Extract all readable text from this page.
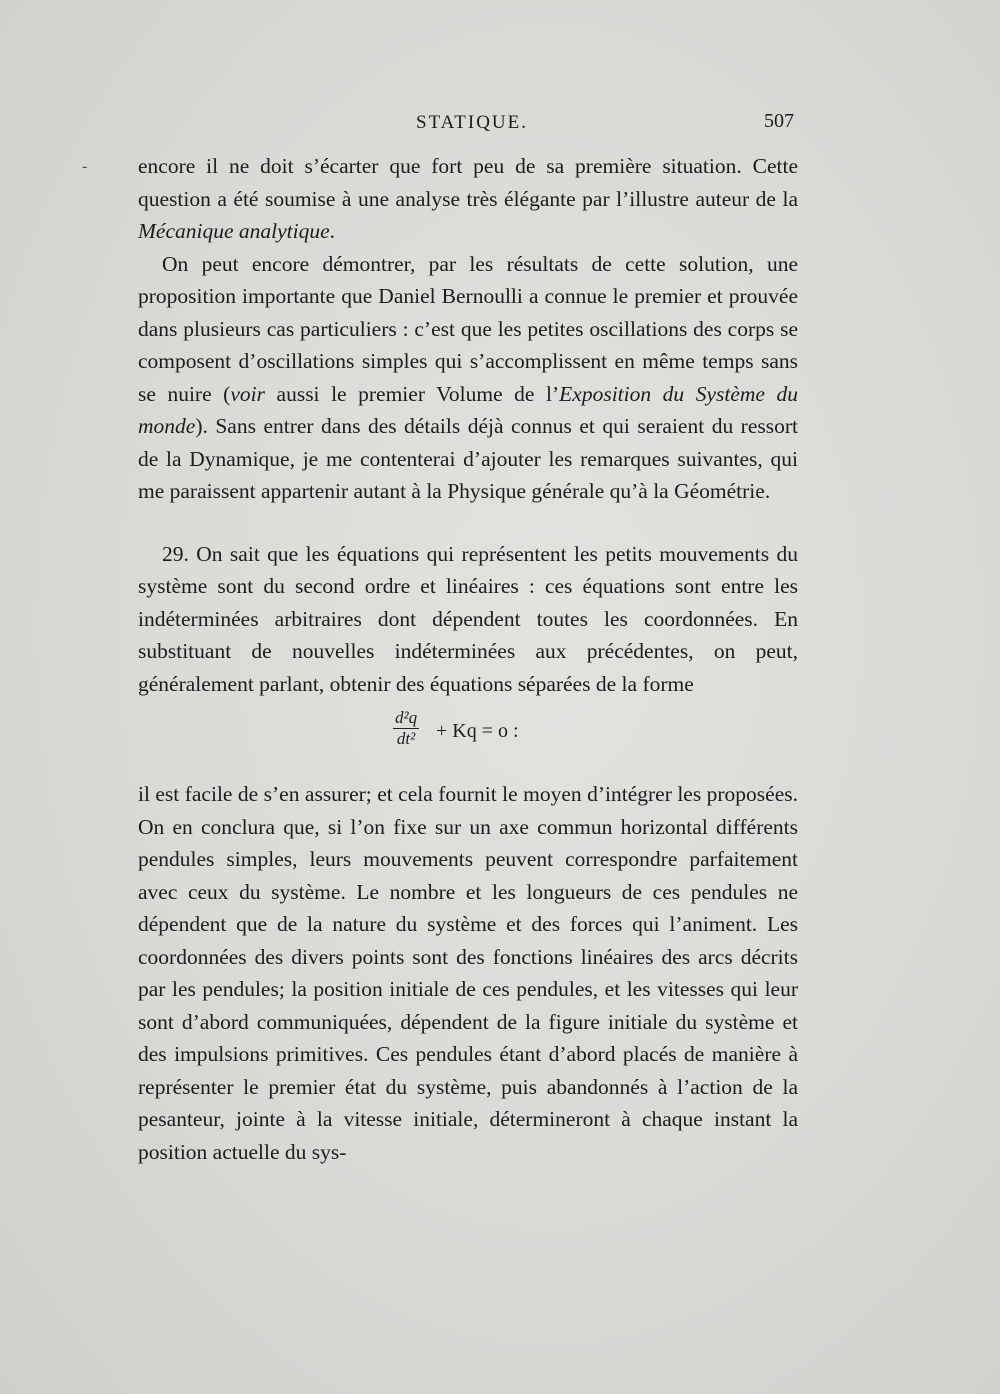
STATIQUE.	507
- encore il ne doit s’écarter que fort peu de sa première situation. Cette question a été soumise à une analyse très élégante par l’illustre auteur de la Mécanique analytique.

On peut encore démontrer, par les résultats de cette solution, une proposition importante que Daniel Bernoulli a connue le premier et prouvée dans plusieurs cas particuliers : c’est que les petites oscillations des corps se composent d’oscillations simples qui s’accomplissent en même temps sans se nuire (voir aussi le premier Volume de l’Exposition du Système du monde). Sans entrer dans des détails déjà connus et qui seraient du ressort de la Dynamique, je me contenterai d’ajouter les remarques suivantes, qui me paraissent appartenir autant à la Physique générale qu’à la Géométrie.

29. On sait que les équations qui représentent les petits mouvements du système sont du second ordre et linéaires : ces équations sont entre les indéterminées arbitraires dont dépendent toutes les coordonnées. En substituant de nouvelles indéterminées aux précédentes, on peut, généralement parlant, obtenir des équations séparées de la forme

$\frac{\text{d²q}}{\text{dt²}} + Kq = o$ :

il est facile de s’en assurer; et cela fournit le moyen d’intégrer les proposées. On en conclura que, si l’on fixe sur un axe commun horizontal différents pendules simples, leurs mouvements peuvent correspondre parfaitement avec ceux du système. Le nombre et les longueurs de ces pendules ne dépendent que de la nature du système et des forces qui l’animent. Les coordonnées des divers points sont des fonctions linéaires des arcs décrits par les pendules; la position initiale de ces pendules, et les vitesses qui leur sont d’abord communiquées, dépendent de la figure initiale du système et des impulsions primitives. Ces pendules étant d’abord placés de manière à représenter le premier état du système, puis abandonnés à l’action de la pesanteur, jointe à la vitesse initiale, détermineront à chaque instant la position actuelle du sys-
